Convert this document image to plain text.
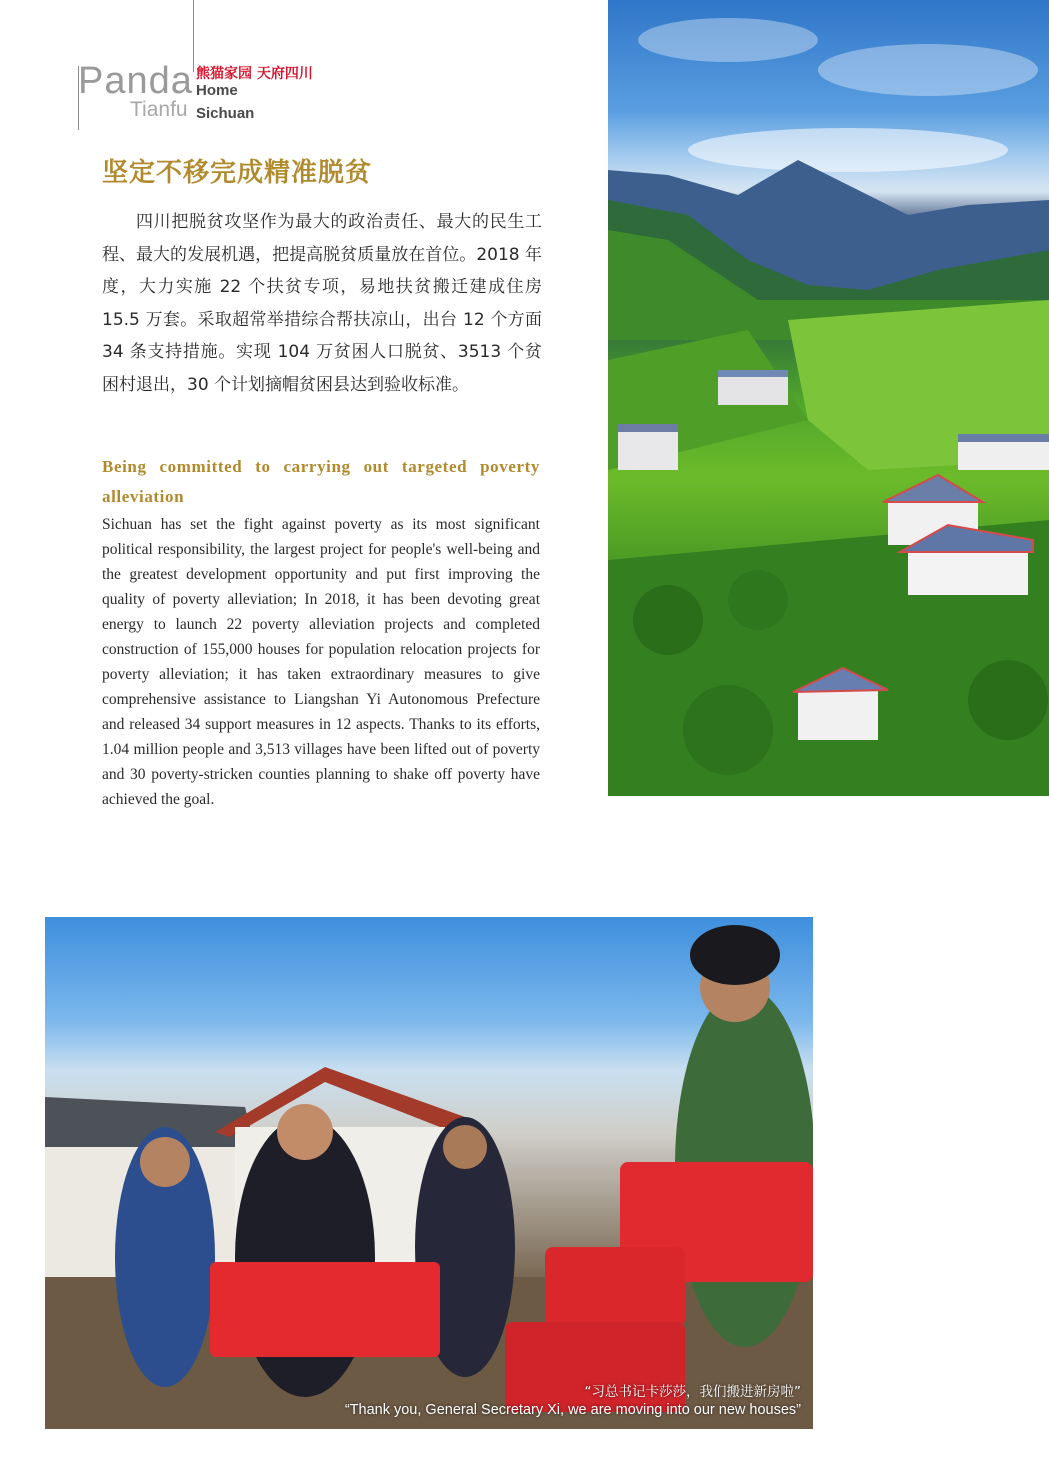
Panda
Tianfu
熊猫家园 天府四川
Home
Sichuan
坚定不移完成精准脱贫

四川把脱贫攻坚作为最大的政治责任、最大的民生工程、最大的发展机遇，把提高脱贫质量放在首位。2018 年度，大力实施 22 个扶贫专项，易地扶贫搬迁建成住房 15.5 万套。采取超常举措综合帮扶凉山，出台 12 个方面 34 条支持措施。实现 104 万贫困人口脱贫、3513 个贫困村退出，30 个计划摘帽贫困县达到验收标准。

Being committed to carrying out targeted poverty alleviation

Sichuan has set the fight against poverty as its most significant political responsibility, the largest project for people's well-being and the greatest development opportunity and put first improving the quality of poverty alleviation; In 2018, it has been devoting great energy to launch 22 poverty alleviation projects and completed construction of 155,000 houses for population relocation projects for poverty alleviation; it has taken extraordinary measures to give comprehensive assistance to Liangshan Yi Autonomous Prefecture and released 34 support measures in 12 aspects. Thanks to its efforts, 1.04 million people and 3,513 villages have been lifted out of poverty and 30 poverty-stricken counties planning to shake off poverty have achieved the goal.

“习总书记卡莎莎，我们搬进新房啦”
“Thank you, General Secretary Xi, we are moving into our new houses”
